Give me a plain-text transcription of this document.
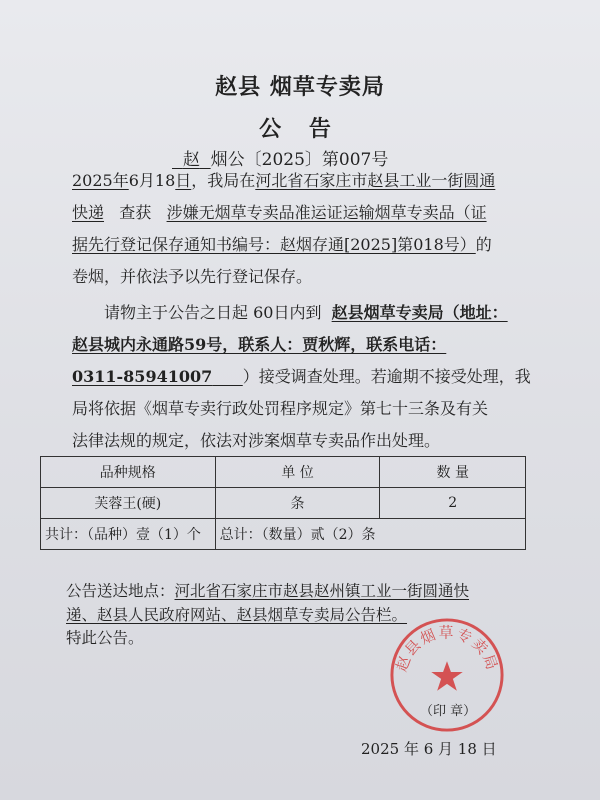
赵县 烟草专卖局
公 告
赵 烟公〔2025〕第007号
2025年6月18日，我局在河北省石家庄市赵县工业一街圆通
快递 查获 涉嫌无烟草专卖品准运证运输烟草专卖品（证
据先行登记保存通知书编号：赵烟存通[2025]第018号）的
卷烟，并依法予以先行登记保存。
请物主于公告之日起 60日内到 赵县烟草专卖局（地址：
赵县城内永通路59号，联系人：贾秋辉，联系电话：
0311-85941007 ）接受调查处理。若逾期不接受处理，我
局将依据《烟草专卖行政处罚程序规定》第七十三条及有关
法律法规的规定，依法对涉案烟草专卖品作出处理。
品种规格	单 位	数 量
芙蓉王(硬)	条	2
共计：（品种）壹（1）个	总计：（数量）贰（2）条	
公告送达地点：河北省石家庄市赵县赵州镇工业一街圆通快
递、赵县人民政府网站、赵县烟草专卖局公告栏。
特此公告。
赵县烟草专卖局
（印 章）
2025 年 6 月 18 日
